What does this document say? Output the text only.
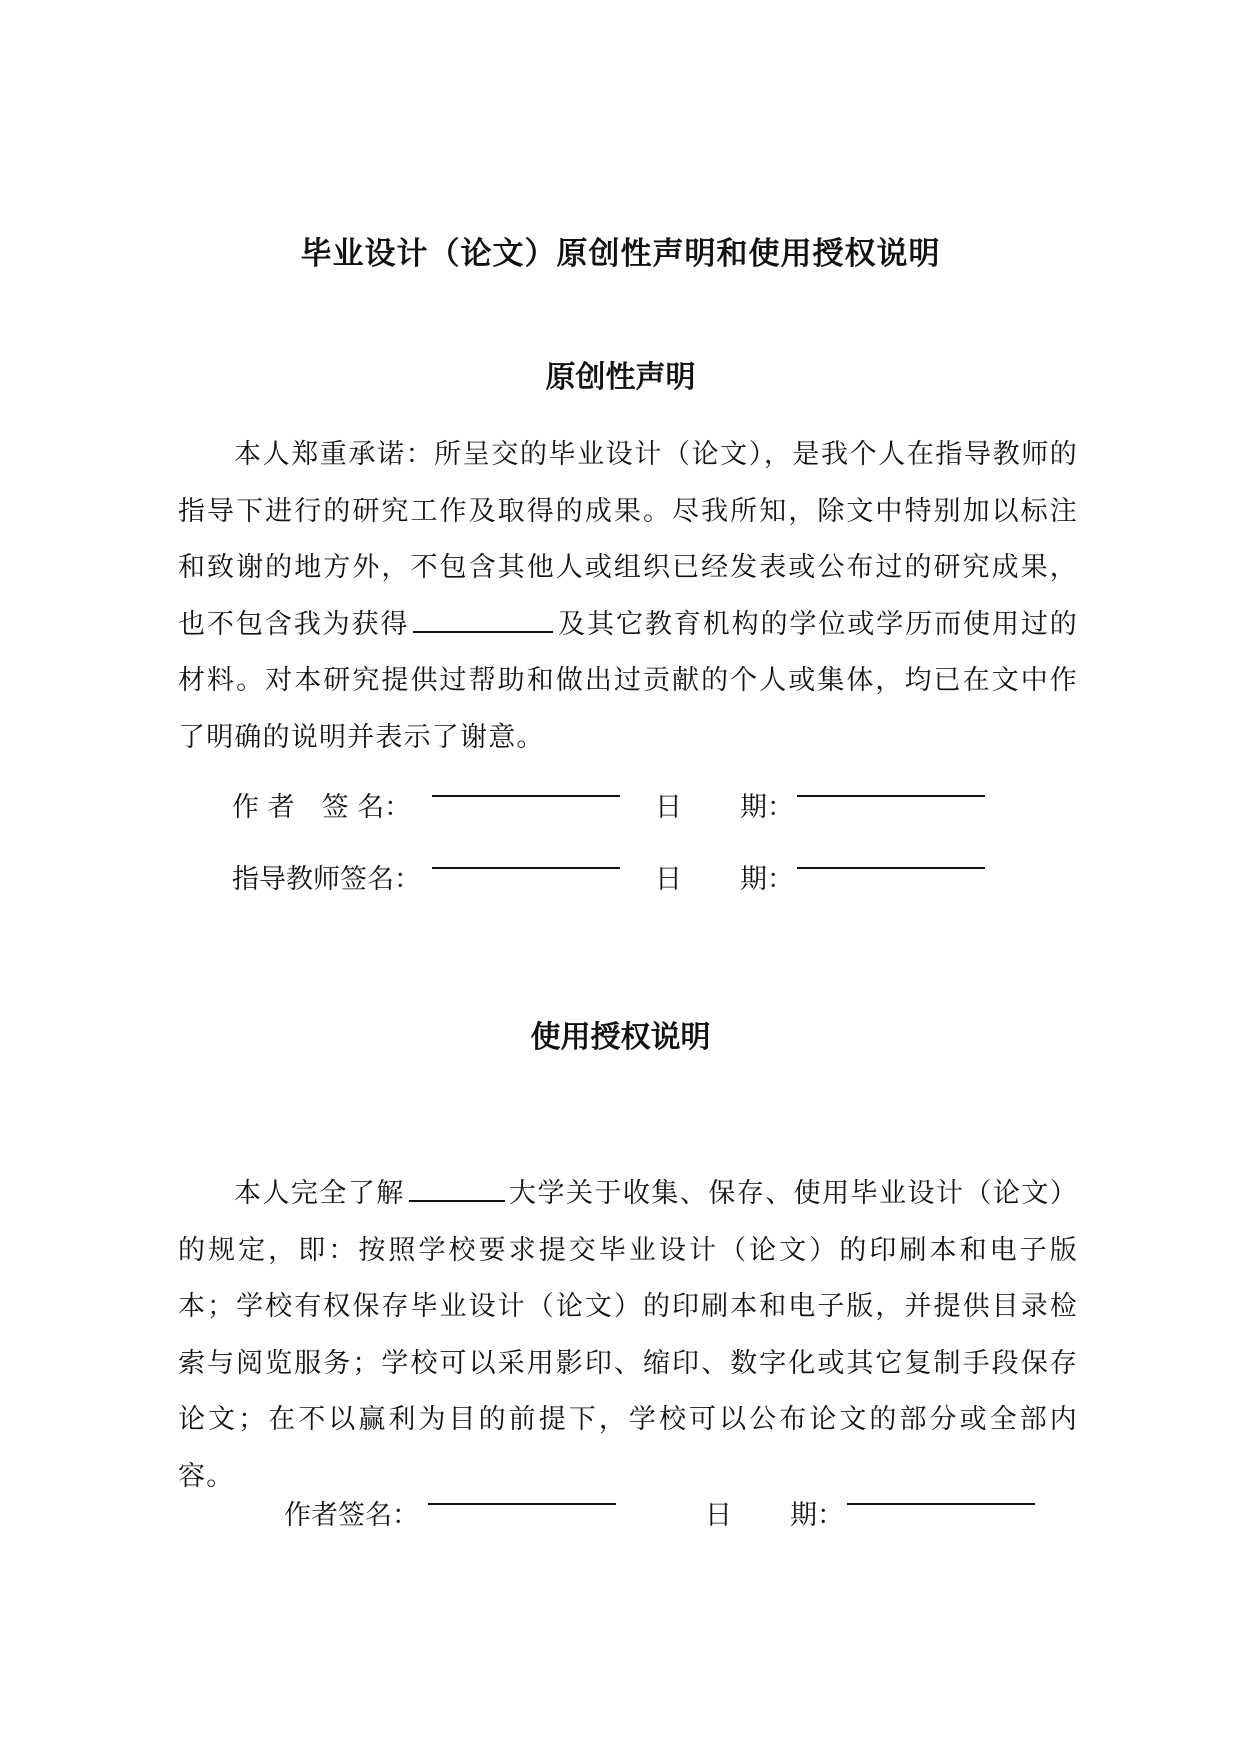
毕业设计（论文）原创性声明和使用授权说明
原创性声明
本人郑重承诺：所呈交的毕业设计（论文），是我个人在指导教师的指导下进行的研究工作及取得的成果。尽我所知，除文中特别加以标注和致谢的地方外，不包含其他人或组织已经发表或公布过的研究成果，也不包含我为获得	及其它教育机构的学位或学历而使用过的材料。对本研究提供过帮助和做出过贡献的个人或集体，均已在文中作了明确的说明并表示了谢意。
作 者　签 名：	日 期：
指导教师签名：	日 期：
使用授权说明
本人完全了解	大学关于收集、保存、使用毕业设计（论文）的规定，即：按照学校要求提交毕业设计（论文）的印刷本和电子版本；学校有权保存毕业设计（论文）的印刷本和电子版，并提供目录检索与阅览服务；学校可以采用影印、缩印、数字化或其它复制手段保存论文；在不以赢利为目的前提下，学校可以公布论文的部分或全部内容。
作者签名：	日 期：
